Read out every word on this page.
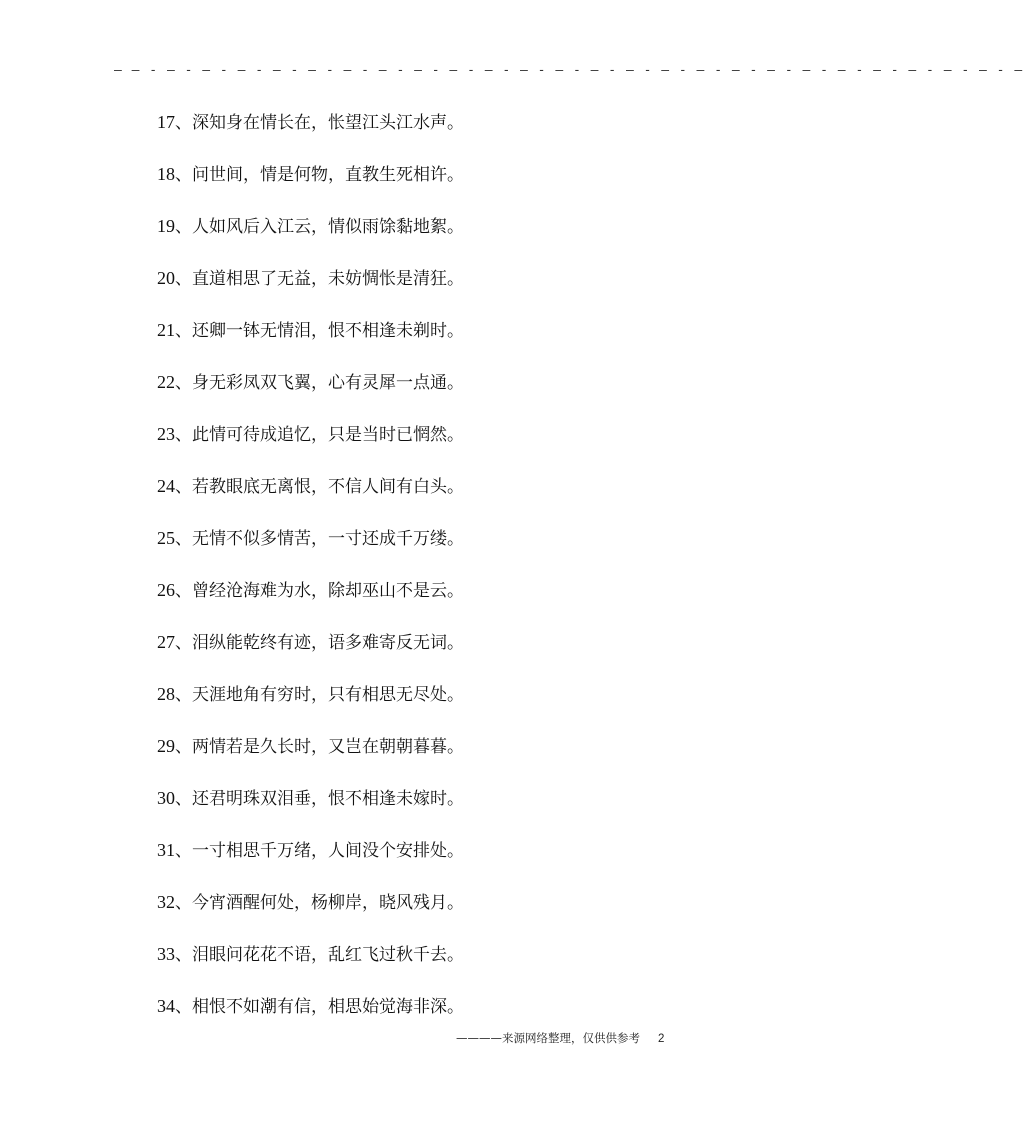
– – - – - – - – - – - – - – - – - – - – - – - – - – - – - – - – - – - – - – - – - – - – - – - – - – - –
17、深知身在情长在，怅望江头江水声。
18、问世间，情是何物，直教生死相许。
19、人如风后入江云，情似雨馀黏地絮。
20、直道相思了无益，未妨惆怅是清狂。
21、还卿一钵无情泪，恨不相逢未剃时。
22、身无彩凤双飞翼，心有灵犀一点通。
23、此情可待成追忆，只是当时已惘然。
24、若教眼底无离恨，不信人间有白头。
25、无情不似多情苦，一寸还成千万缕。
26、曾经沧海难为水，除却巫山不是云。
27、泪纵能乾终有迹，语多难寄反无词。
28、天涯地角有穷时，只有相思无尽处。
29、两情若是久长时，又岂在朝朝暮暮。
30、还君明珠双泪垂，恨不相逢未嫁时。
31、一寸相思千万绪，人间没个安排处。
32、今宵酒醒何处，杨柳岸，晓风残月。
33、泪眼问花花不语，乱红飞过秋千去。
34、相恨不如潮有信，相思始觉海非深。
————来源网络整理，仅供供参考 2
